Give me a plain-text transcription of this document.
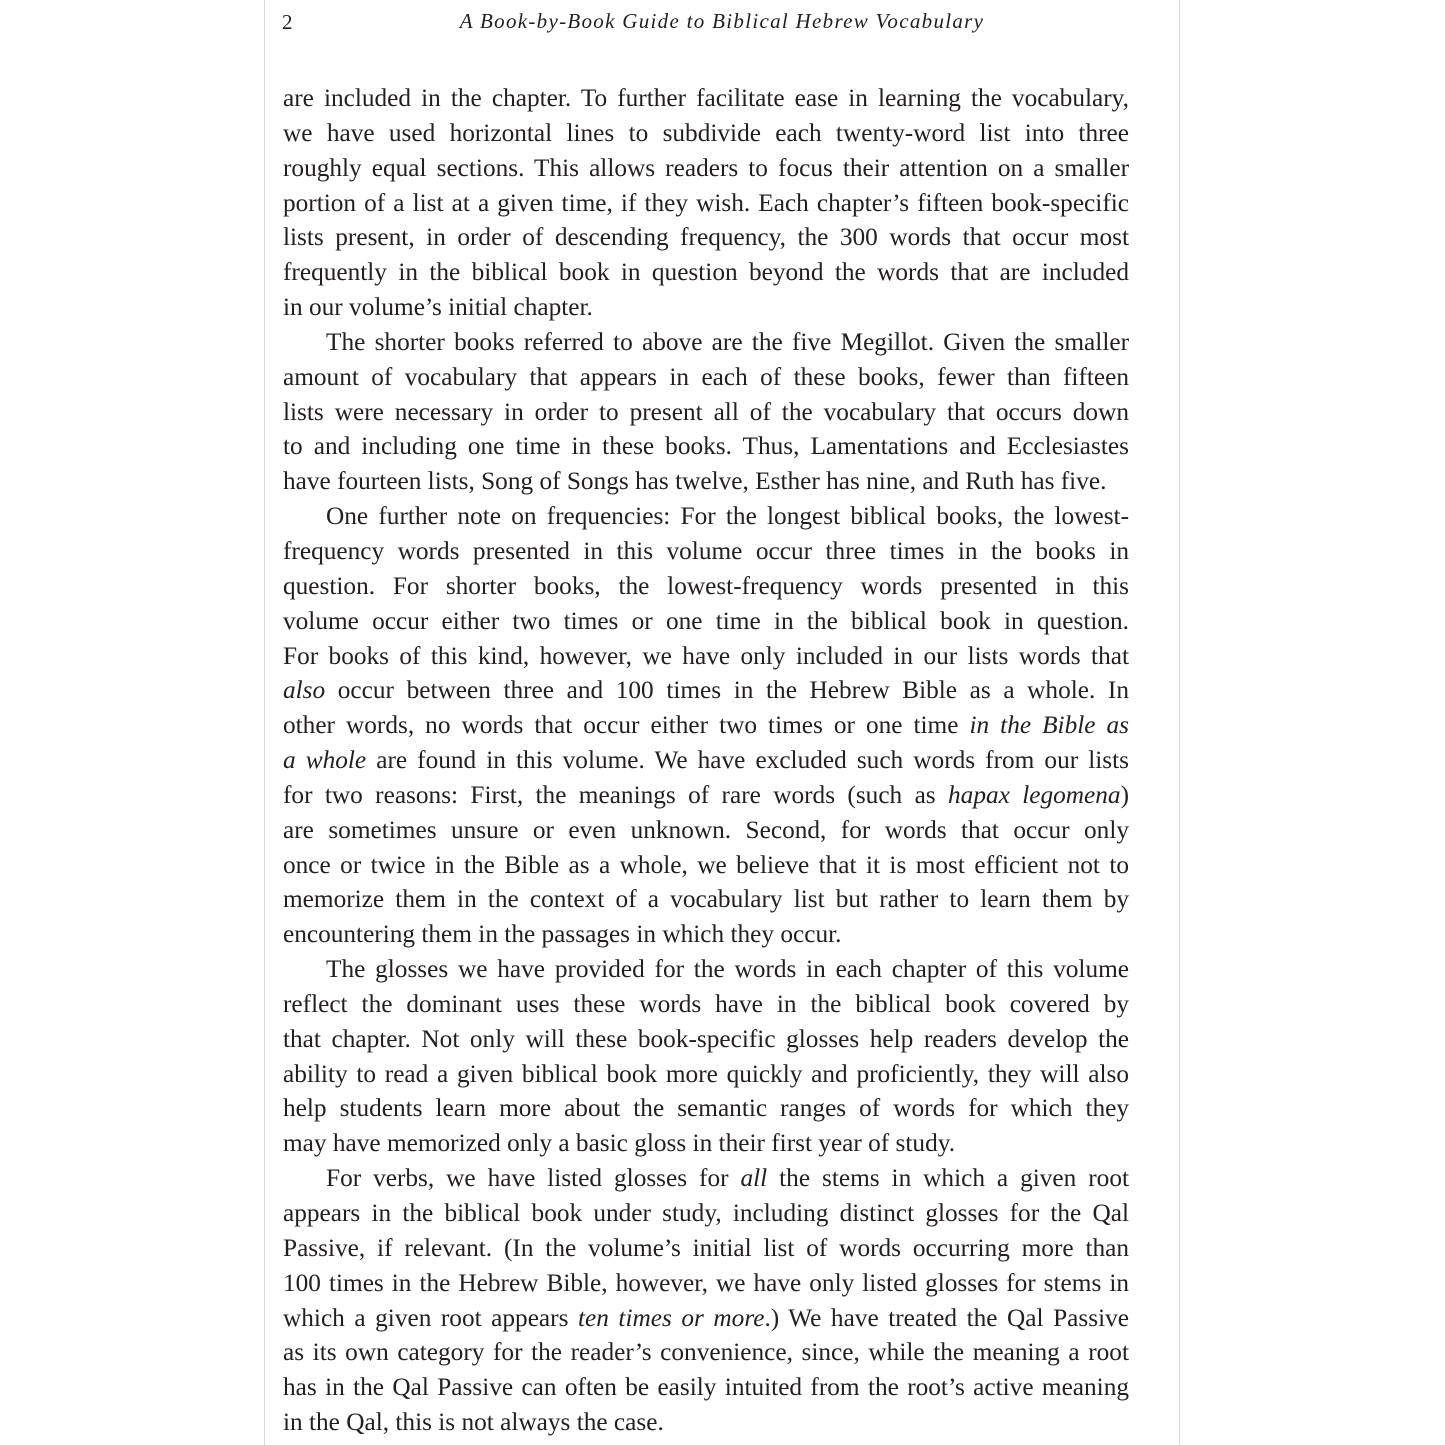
2	A Book-by-Book Guide to Biblical Hebrew Vocabulary
are included in the chapter. To further facilitate ease in learning the vocabulary,
we have used horizontal lines to subdivide each twenty-word list into three
roughly equal sections. This allows readers to focus their attention on a smaller
portion of a list at a given time, if they wish. Each chapter’s fifteen book-specific
lists present, in order of descending frequency, the 300 words that occur most
frequently in the biblical book in question beyond the words that are included
in our volume’s initial chapter.
The shorter books referred to above are the five Megillot. Given the smaller
amount of vocabulary that appears in each of these books, fewer than fifteen
lists were necessary in order to present all of the vocabulary that occurs down
to and including one time in these books. Thus, Lamentations and Ecclesiastes
have fourteen lists, Song of Songs has twelve, Esther has nine, and Ruth has five.
One further note on frequencies: For the longest biblical books, the lowest-
frequency words presented in this volume occur three times in the books in
question. For shorter books, the lowest-frequency words presented in this
volume occur either two times or one time in the biblical book in question.
For books of this kind, however, we have only included in our lists words that
also occur between three and 100 times in the Hebrew Bible as a whole. In
other words, no words that occur either two times or one time in the Bible as
a whole are found in this volume. We have excluded such words from our lists
for two reasons: First, the meanings of rare words (such as hapax legomena)
are sometimes unsure or even unknown. Second, for words that occur only
once or twice in the Bible as a whole, we believe that it is most efficient not to
memorize them in the context of a vocabulary list but rather to learn them by
encountering them in the passages in which they occur.
The glosses we have provided for the words in each chapter of this volume
reflect the dominant uses these words have in the biblical book covered by
that chapter. Not only will these book-specific glosses help readers develop the
ability to read a given biblical book more quickly and proficiently, they will also
help students learn more about the semantic ranges of words for which they
may have memorized only a basic gloss in their first year of study.
For verbs, we have listed glosses for all the stems in which a given root
appears in the biblical book under study, including distinct glosses for the Qal
Passive, if relevant. (In the volume’s initial list of words occurring more than
100 times in the Hebrew Bible, however, we have only listed glosses for stems in
which a given root appears ten times or more.) We have treated the Qal Passive
as its own category for the reader’s convenience, since, while the meaning a root
has in the Qal Passive can often be easily intuited from the root’s active meaning
in the Qal, this is not always the case.
